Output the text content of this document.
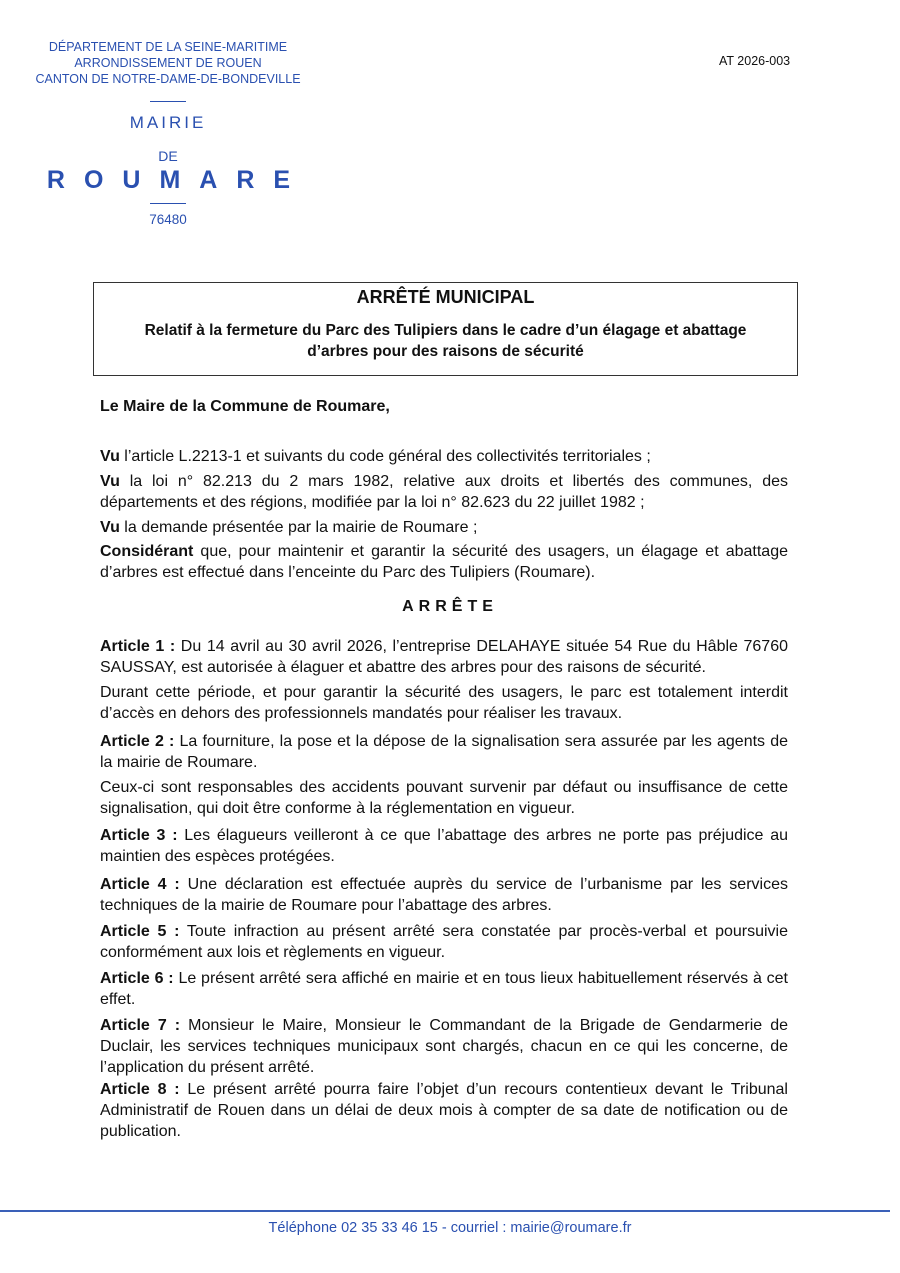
DÉPARTEMENT DE LA SEINE-MARITIME
ARRONDISSEMENT DE ROUEN
CANTON DE NOTRE-DAME-DE-BONDEVILLE
MAIRIE
DE
ROUMARE
76480
AT 2026-003
ARRÊTÉ MUNICIPAL
Relatif à la fermeture du Parc des Tulipiers dans le cadre d’un élagage et abattage d’arbres pour des raisons de sécurité
Le Maire de la Commune de Roumare,
Vu l’article L.2213-1 et suivants du code général des collectivités territoriales ;
Vu la loi n° 82.213 du 2 mars 1982, relative aux droits et libertés des communes, des départements et des régions, modifiée par la loi n° 82.623 du 22 juillet 1982 ;
Vu la demande présentée par la mairie de Roumare ;
Considérant que, pour maintenir et garantir la sécurité des usagers, un élagage et abattage d’arbres est effectué dans l’enceinte du Parc des Tulipiers (Roumare).
ARRÊTE
Article 1 : Du 14 avril au 30 avril 2026, l’entreprise DELAHAYE située 54 Rue du Hâble 76760 SAUSSAY, est autorisée à élaguer et abattre des arbres pour des raisons de sécurité.
Durant cette période, et pour garantir la sécurité des usagers, le parc est totalement interdit d’accès en dehors des professionnels mandatés pour réaliser les travaux.
Article 2 : La fourniture, la pose et la dépose de la signalisation sera assurée par les agents de la mairie de Roumare.
Ceux-ci sont responsables des accidents pouvant survenir par défaut ou insuffisance de cette signalisation, qui doit être conforme à la réglementation en vigueur.
Article 3 : Les élagueurs veilleront à ce que l’abattage des arbres ne porte pas préjudice au maintien des espèces protégées.
Article 4 : Une déclaration est effectuée auprès du service de l’urbanisme par les services techniques de la mairie de Roumare pour l’abattage des arbres.
Article 5 : Toute infraction au présent arrêté sera constatée par procès-verbal et poursuivie conformément aux lois et règlements en vigueur.
Article 6 : Le présent arrêté sera affiché en mairie et en tous lieux habituellement réservés à cet effet.
Article 7 : Monsieur le Maire, Monsieur le Commandant de la Brigade de Gendarmerie de Duclair, les services techniques municipaux sont chargés, chacun en ce qui les concerne, de l’application du présent arrêté.
Article 8 : Le présent arrêté pourra faire l’objet d’un recours contentieux devant le Tribunal Administratif de Rouen dans un délai de deux mois à compter de sa date de notification ou de publication.
Téléphone 02 35 33 46 15 - courriel : mairie@roumare.fr
